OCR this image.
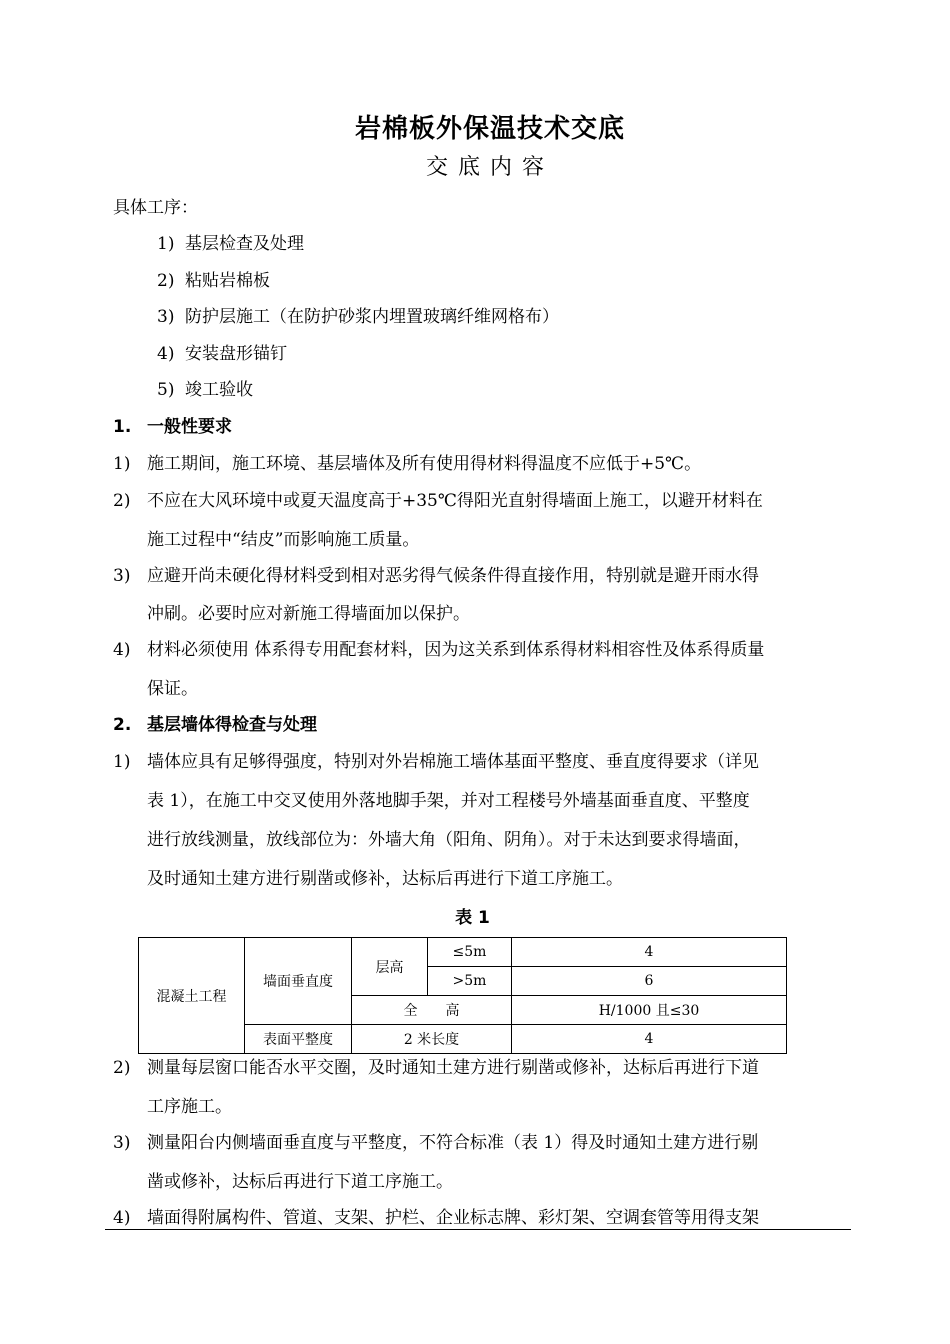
岩棉板外保温技术交底
交底内容
具体工序：
1) 基层检查及处理
2) 粘贴岩棉板
3) 防护层施工（在防护砂浆内埋置玻璃纤维网格布）
4) 安装盘形锚钉
5) 竣工验收
1. 一般性要求
1) 施工期间，施工环境、基层墙体及所有使用得材料得温度不应低于+5℃。
2) 不应在大风环境中或夏天温度高于+35℃得阳光直射得墙面上施工，以避开材料在
施工过程中“结皮”而影响施工质量。
3) 应避开尚未硬化得材料受到相对恶劣得气候条件得直接作用，特别就是避开雨水得
冲刷。必要时应对新施工得墙面加以保护。
4) 材料必须使用 体系得专用配套材料，因为这关系到体系得材料相容性及体系得质量
保证。
2. 基层墙体得检查与处理
1) 墙体应具有足够得强度，特别对外岩棉施工墙体基面平整度、垂直度得要求（详见
表 1），在施工中交叉使用外落地脚手架，并对工程楼号外墙基面垂直度、平整度
进行放线测量，放线部位为：外墙大角（阳角、阴角）。对于未达到要求得墙面，
及时通知土建方进行剔凿或修补，达标后再进行下道工序施工。
表 1
混凝土工程	墙面垂直度	层高	≤5m	4
			>5m	6
		全　　高		H/1000 且≤30
	表面平整度	2 米长度		4
2) 测量每层窗口能否水平交圈，及时通知土建方进行剔凿或修补，达标后再进行下道
工序施工。
3) 测量阳台内侧墙面垂直度与平整度，不符合标准（表 1）得及时通知土建方进行剔
凿或修补，达标后再进行下道工序施工。
4) 墙面得附属构件、管道、支架、护栏、企业标志牌、彩灯架、空调套管等用得支架
